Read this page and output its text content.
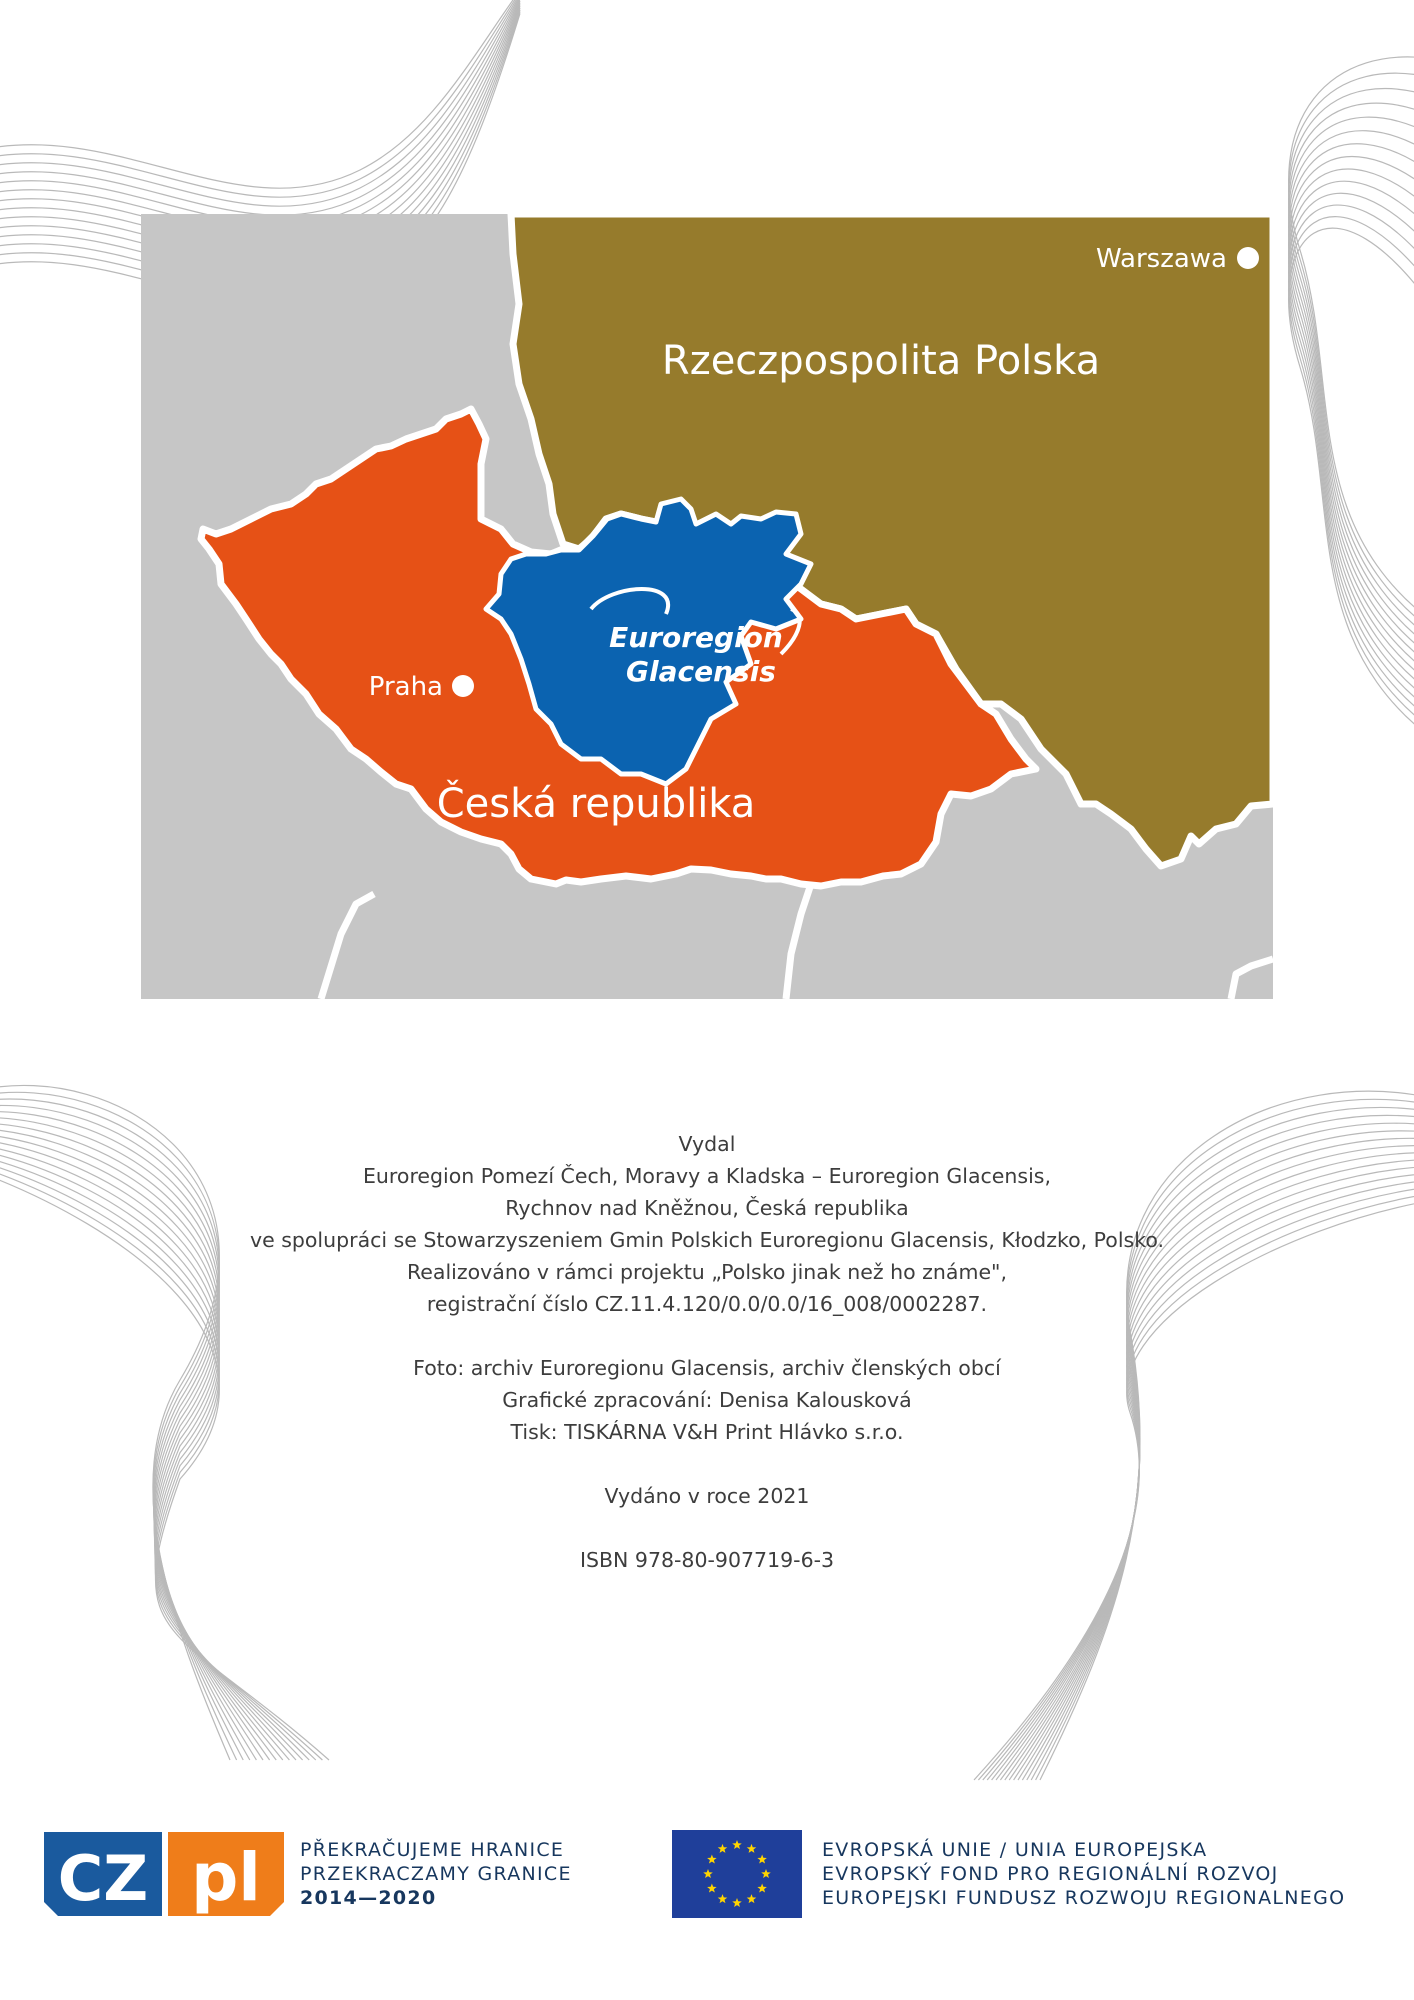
Warszawa
Rzeczpospolita Polska
Praha
Česká republika
Euroregion
Glacensis
Vydal
Euroregion Pomezí Čech, Moravy a Kladska – Euroregion Glacensis,
Rychnov nad Kněžnou, Česká republika
ve spolupráci se Stowarzyszeniem Gmin Polskich Euroregionu Glacensis, Kłodzko, Polsko.
Realizováno v rámci projektu „Polsko jinak než ho známe",
registrační číslo CZ.11.4.120/0.0/0.0/16_008/0002287.
Foto: archiv Euroregionu Glacensis, archiv členských obcí
Grafické zpracování: Denisa Kalousková
Tisk: TISKÁRNA V&H Print Hlávko s.r.o.
Vydáno v roce 2021
ISBN 978-80-907719-6-3
CZ pl PŘEKRAČUJEME HRANICE
PRZEKRACZAMY GRANICE
2014—2020
EVROPSKÁ UNIE / UNIA EUROPEJSKA
EVROPSKÝ FOND PRO REGIONÁLNÍ ROZVOJ
EUROPEJSKI FUNDUSZ ROZWOJU REGIONALNEGO
